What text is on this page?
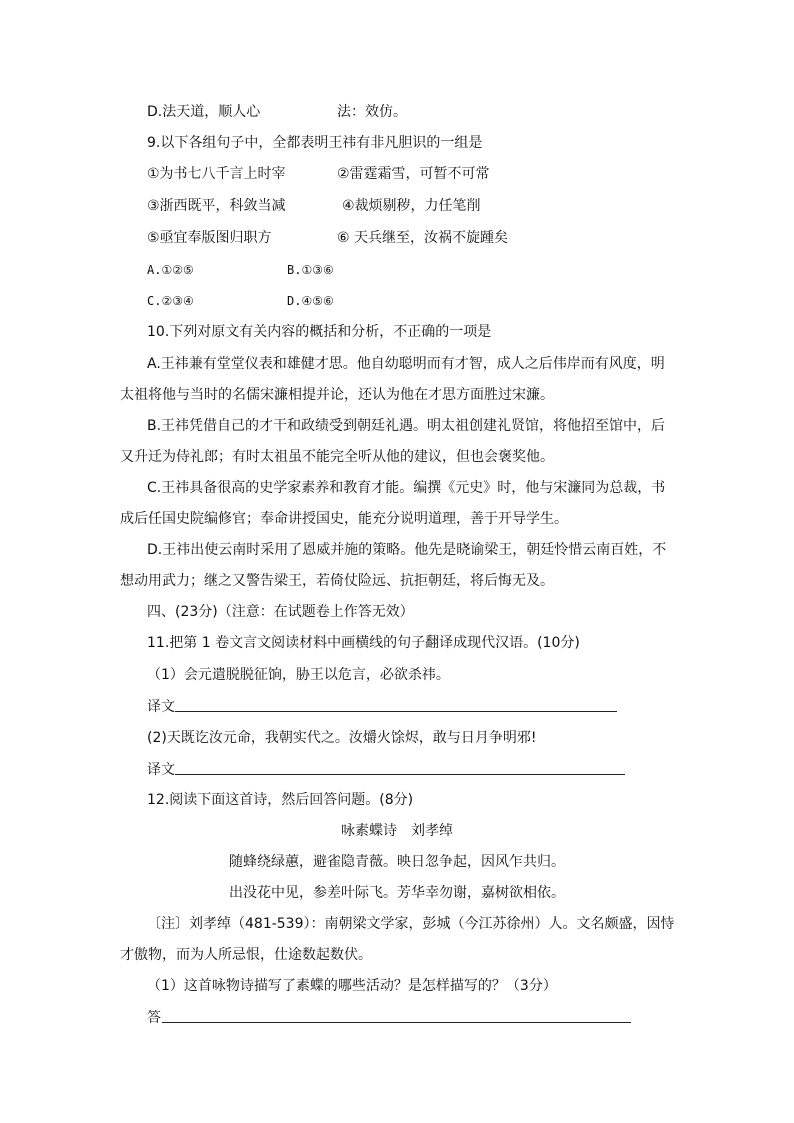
D.法天道，顺人心	法：效仿。
9.以下各组句子中，全都表明王祎有非凡胆识的一组是
①为书七八千言上时宰	②雷霆霜雪，可暂不可常
③浙西既平，科敛当减	④裁烦剔秽，力任笔削
⑤亟宜奉版图归职方	⑥ 天兵继至，汝祸不旋踵矣
A.①②⑤	B.①③⑥
C.②③④	D.④⑤⑥
10.下列对原文有关内容的概括和分析，不正确的一项是
A.王祎兼有堂堂仪表和雄健才思。他自幼聪明而有才智，成人之后伟岸而有风度，明
太祖将他与当时的名儒宋濂相提并论，还认为他在才思方面胜过宋濂。
B.王祎凭借自己的才干和政绩受到朝廷礼遇。明太祖创建礼贤馆，将他招至馆中，后
又升迁为侍礼郎；有时太祖虽不能完全听从他的建议，但也会褒奖他。
C.王祎具备很高的史学家素养和教育才能。编撰《元史》时，他与宋濂同为总裁，书
成后任国史院编修官；奉命讲授国史，能充分说明道理，善于开导学生。
D.王祎出使云南时采用了恩威并施的策略。他先是晓谕梁王，朝廷怜惜云南百姓，不
想动用武力；继之又警告梁王，若倚仗险远、抗拒朝廷，将后悔无及。
四、(23分)（注意：在试题卷上作答无效）
11.把第 1 卷文言文阅读材料中画横线的句子翻译成现代汉语。(10分)
（1）会元遣脱脱征饷，胁王以危言，必欲杀祎。
译文
(2)天既讫汝元命，我朝实代之。汝爝火馀烬，敢与日月争明邪!
译文
12.阅读下面这首诗，然后回答问题。(8分)
咏素蝶诗　刘孝绰
随蜂绕绿蕙，避雀隐青薇。映日忽争起，因风乍共归。
出没花中见，参差叶际飞。芳华幸勿谢，嘉树欲相依。
〔注〕刘孝绰（481-539）：南朝梁文学家，彭城（今江苏徐州）人。文名颇盛，因恃
才傲物，而为人所忌恨，仕途数起数伏。
（1）这首咏物诗描写了素蝶的哪些活动？是怎样描写的？（3分）
答
